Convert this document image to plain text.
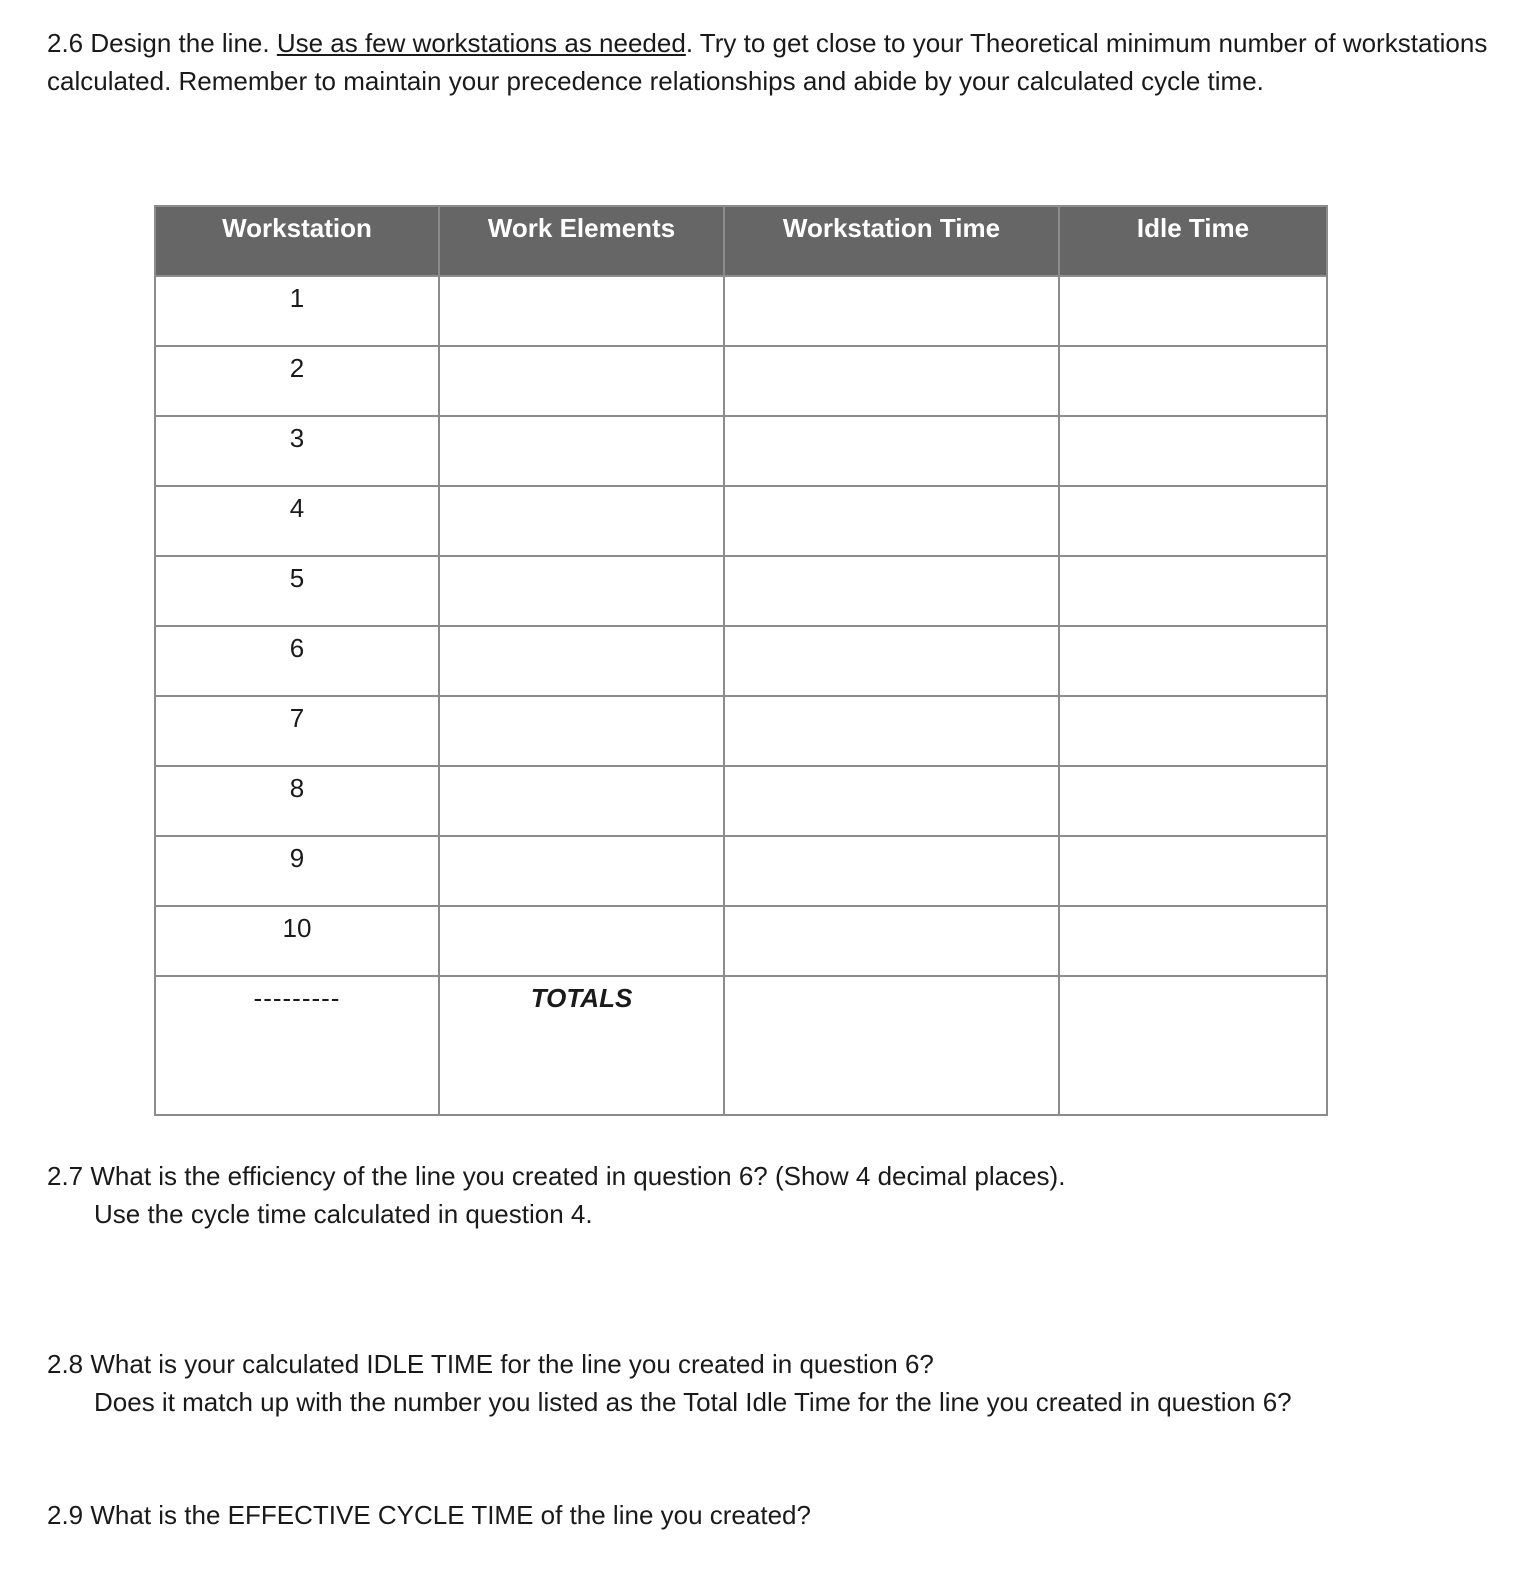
2.6 Design the line. Use as few workstations as needed. Try to get close to your Theoretical minimum number of workstations calculated. Remember to maintain your precedence relationships and abide by your calculated cycle time.

Workstation	Work Elements	Workstation Time	Idle Time
1			
2			
3			
4			
5			
6			
7			
8			
9			
10			
---------	TOTALS		

2.7 What is the efficiency of the line you created in question 6? (Show 4 decimal places).
Use the cycle time calculated in question 4.

2.8 What is your calculated IDLE TIME for the line you created in question 6?
Does it match up with the number you listed as the Total Idle Time for the line you created in question 6?

2.9 What is the EFFECTIVE CYCLE TIME of the line you created?
